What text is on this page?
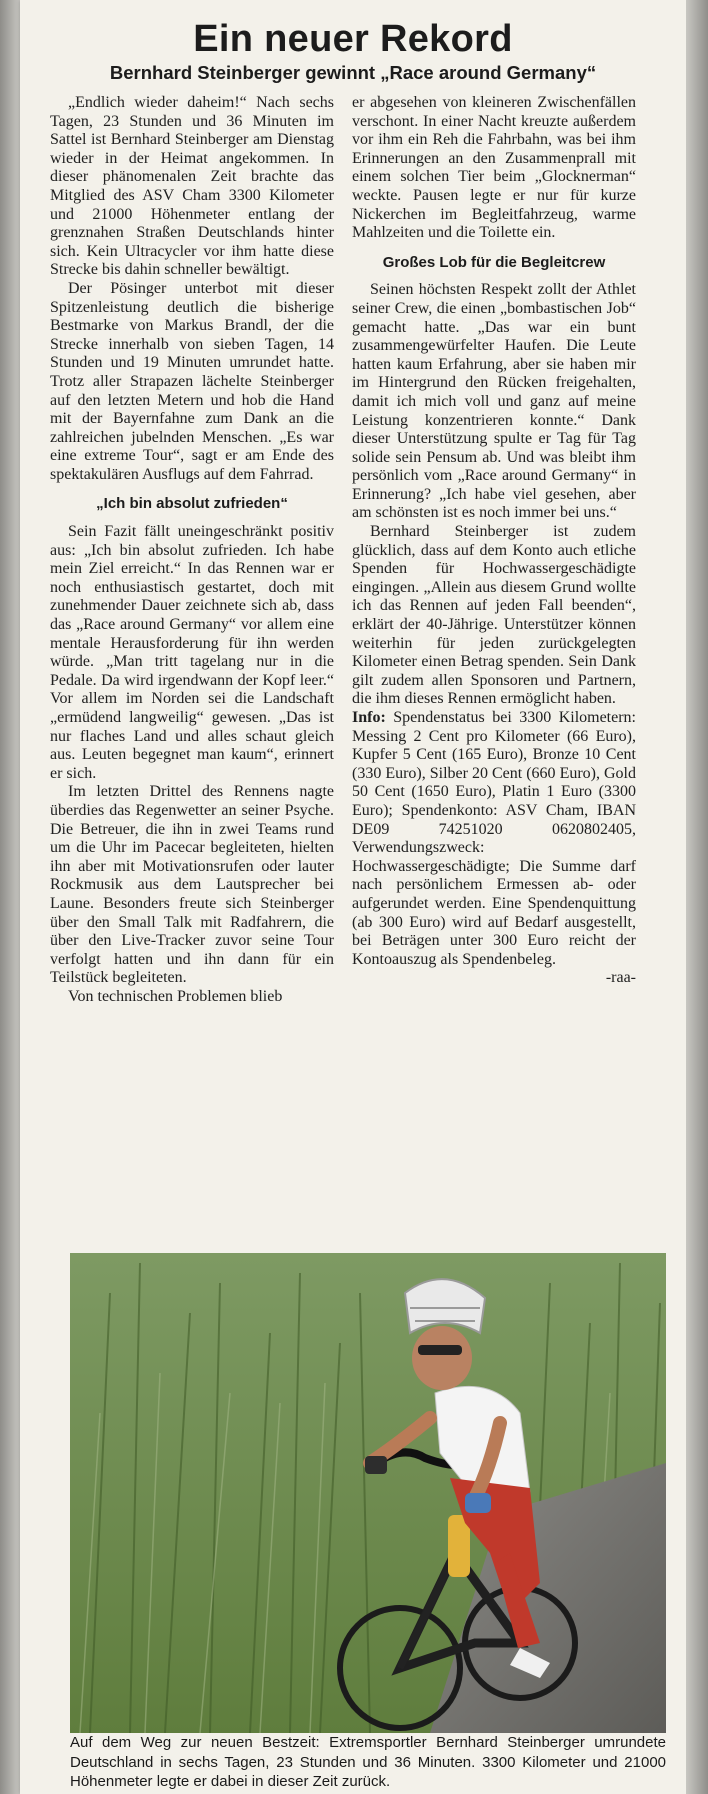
Ein neuer Rekord
Bernhard Steinberger gewinnt „Race around Germany“

„Endlich wieder daheim!“ Nach sechs Tagen, 23 Stunden und 36 Minuten im Sattel ist Bernhard Steinberger am Dienstag wieder in der Heimat angekommen. In dieser phänomenalen Zeit brachte das Mitglied des ASV Cham 3300 Kilometer und 21000 Höhenmeter entlang der grenznahen Straßen Deutschlands hinter sich. Kein Ultracycler vor ihm hatte diese Strecke bis dahin schneller bewältigt.

Der Pösinger unterbot mit dieser Spitzenleistung deutlich die bisherige Bestmarke von Markus Brandl, der die Strecke innerhalb von sieben Tagen, 14 Stunden und 19 Minuten umrundet hatte. Trotz aller Strapazen lächelte Steinberger auf den letzten Metern und hob die Hand mit der Bayernfahne zum Dank an die zahlreichen jubelnden Menschen. „Es war eine extreme Tour“, sagt er am Ende des spektakulären Ausflugs auf dem Fahrrad.

„Ich bin absolut zufrieden“

Sein Fazit fällt uneingeschränkt positiv aus: „Ich bin absolut zufrieden. Ich habe mein Ziel erreicht.“ In das Rennen war er noch enthusiastisch gestartet, doch mit zunehmender Dauer zeichnete sich ab, dass das „Race around Germany“ vor allem eine mentale Herausforderung für ihn werden würde. „Man tritt tagelang nur in die Pedale. Da wird irgendwann der Kopf leer.“ Vor allem im Norden sei die Landschaft „ermüdend langweilig“ gewesen. „Das ist nur flaches Land und alles schaut gleich aus. Leuten begegnet man kaum“, erinnert er sich.

Im letzten Drittel des Rennens nagte überdies das Regenwetter an seiner Psyche. Die Betreuer, die ihn in zwei Teams rund um die Uhr im Pacecar begleiteten, hielten ihn aber mit Motivationsrufen oder lauter Rockmusik aus dem Lautsprecher bei Laune. Besonders freute sich Steinberger über den Small Talk mit Radfahrern, die über den Live-Tracker zuvor seine Tour verfolgt hatten und ihn dann für ein Teilstück begleiteten.

Von technischen Problemen blieb

er abgesehen von kleineren Zwischenfällen verschont. In einer Nacht kreuzte außerdem vor ihm ein Reh die Fahrbahn, was bei ihm Erinnerungen an den Zusammenprall mit einem solchen Tier beim „Glocknerman“ weckte. Pausen legte er nur für kurze Nickerchen im Begleitfahrzeug, warme Mahlzeiten und die Toilette ein.

Großes Lob für die Begleitcrew

Seinen höchsten Respekt zollt der Athlet seiner Crew, die einen „bombastischen Job“ gemacht hatte. „Das war ein bunt zusammengewürfelter Haufen. Die Leute hatten kaum Erfahrung, aber sie haben mir im Hintergrund den Rücken freigehalten, damit ich mich voll und ganz auf meine Leistung konzentrieren konnte.“ Dank dieser Unterstützung spulte er Tag für Tag solide sein Pensum ab. Und was bleibt ihm persönlich vom „Race around Germany“ in Erinnerung? „Ich habe viel gesehen, aber am schönsten ist es noch immer bei uns.“

Bernhard Steinberger ist zudem glücklich, dass auf dem Konto auch etliche Spenden für Hochwassergeschädigte eingingen. „Allein aus diesem Grund wollte ich das Rennen auf jeden Fall beenden“, erklärt der 40-Jährige. Unterstützer können weiterhin für jeden zurückgelegten Kilometer einen Betrag spenden. Sein Dank gilt zudem allen Sponsoren und Partnern, die ihm dieses Rennen ermöglicht haben.

Info: Spendenstatus bei 3300 Kilometern: Messing 2 Cent pro Kilometer (66 Euro), Kupfer 5 Cent (165 Euro), Bronze 10 Cent (330 Euro), Silber 20 Cent (660 Euro), Gold 50 Cent (1650 Euro), Platin 1 Euro (3300 Euro); Spendenkonto: ASV Cham, IBAN DE09 74251020 0620802405, Verwendungszweck: Hochwassergeschädigte; Die Summe darf nach persönlichem Ermessen ab- oder aufgerundet werden. Eine Spendenquittung (ab 300 Euro) wird auf Bedarf ausgestellt, bei Beträgen unter 300 Euro reicht der Kontoauszug als Spendenbeleg.

-raa-

Auf dem Weg zur neuen Bestzeit: Extremsportler Bernhard Steinberger umrundete Deutschland in sechs Tagen, 23 Stunden und 36 Minuten. 3300 Kilometer und 21000 Höhenmeter legte er dabei in dieser Zeit zurück.
